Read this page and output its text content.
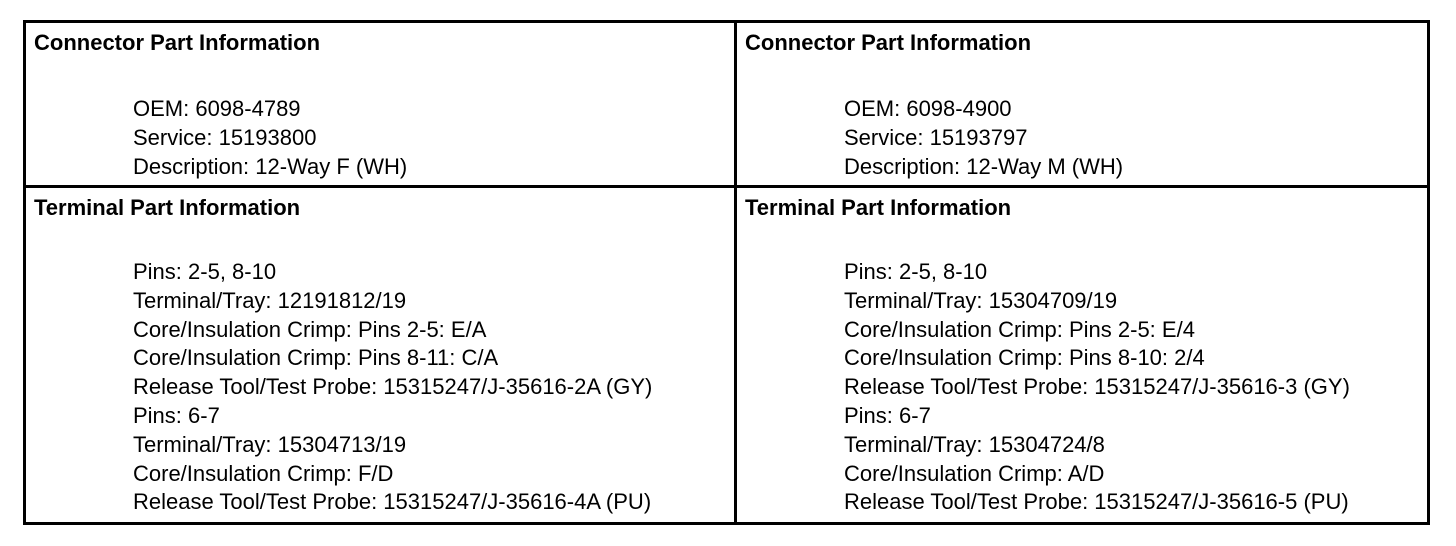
Connector Part Information
OEM: 6098-4789
Service: 15193800
Description: 12-Way F (WH)
Connector Part Information
OEM: 6098-4900
Service: 15193797
Description: 12-Way M (WH)
Terminal Part Information
Pins: 2-5, 8-10
Terminal/Tray: 12191812/19
Core/Insulation Crimp: Pins 2-5: E/A
Core/Insulation Crimp: Pins 8-11: C/A
Release Tool/Test Probe: 15315247/J-35616-2A (GY)
Pins: 6-7
Terminal/Tray: 15304713/19
Core/Insulation Crimp: F/D
Release Tool/Test Probe: 15315247/J-35616-4A (PU)
Terminal Part Information
Pins: 2-5, 8-10
Terminal/Tray: 15304709/19
Core/Insulation Crimp: Pins 2-5: E/4
Core/Insulation Crimp: Pins 8-10: 2/4
Release Tool/Test Probe: 15315247/J-35616-3 (GY)
Pins: 6-7
Terminal/Tray: 15304724/8
Core/Insulation Crimp: A/D
Release Tool/Test Probe: 15315247/J-35616-5 (PU)
